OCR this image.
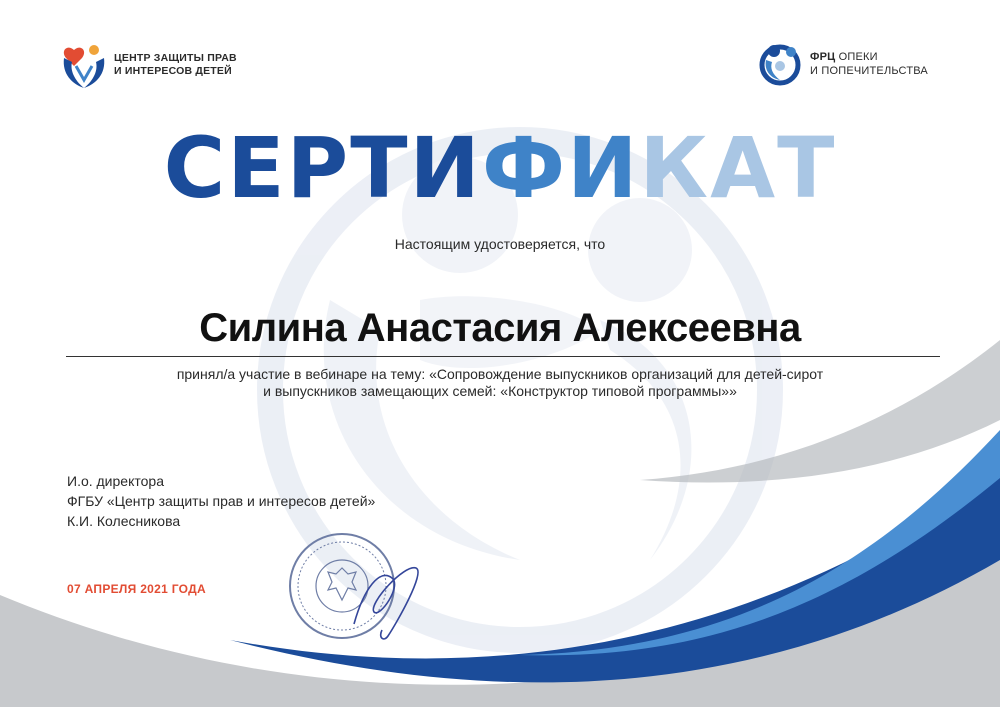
ЦЕНТР ЗАЩИТЫ ПРАВ
И ИНТЕРЕСОВ ДЕТЕЙ
ФРЦ ОПЕКИ
И ПОПЕЧИТЕЛЬСТВА
СЕРТИФИКАТ
Настоящим удостоверяется, что
Силина Анастасия Алексеевна
принял/а участие в вебинаре на тему: «Сопровождение выпускников организаций для детей-сирот
и выпускников замещающих семей: «Конструктор типовой программы»»
И.о. директора
ФГБУ «Центр защиты прав и интересов детей»
К.И. Колесникова
07 АПРЕЛЯ 2021 ГОДА
